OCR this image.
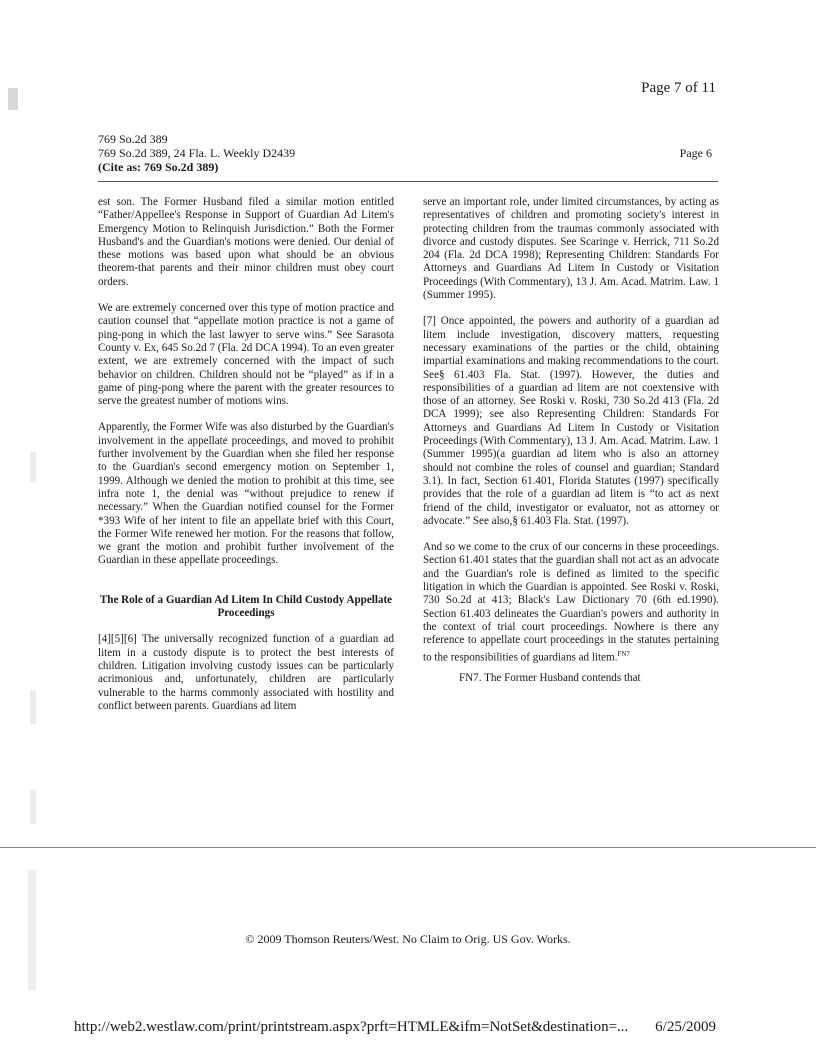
Page 7 of 11
769 So.2d 389
769 So.2d 389, 24 Fla. L. Weekly D2439
(Cite as: 769 So.2d 389)
Page 6

est son. The Former Husband filed a similar motion entitled “Father/Appellee's Response in Support of Guardian Ad Litem's Emergency Motion to Relinquish Jurisdiction.” Both the Former Husband's and the Guardian's motions were denied. Our denial of these motions was based upon what should be an obvious theorem-that parents and their minor children must obey court orders.

We are extremely concerned over this type of motion practice and caution counsel that “appellate motion practice is not a game of ping-pong in which the last lawyer to serve wins.” See Sarasota County v. Ex, 645 So.2d 7 (Fla. 2d DCA 1994). To an even greater extent, we are extremely concerned with the impact of such behavior on children. Children should not be “played” as if in a game of ping-pong where the parent with the greater resources to serve the greatest number of motions wins.

Apparently, the Former Wife was also disturbed by the Guardian's involvement in the appellate proceedings, and moved to prohibit further involvement by the Guardian when she filed her response to the Guardian's second emergency motion on September 1, 1999. Although we denied the motion to prohibit at this time, see infra note 1, the denial was “without prejudice to renew if necessary.” When the Guardian notified counsel for the Former *393 Wife of her intent to file an appellate brief with this Court, the Former Wife renewed her motion. For the reasons that follow, we grant the motion and prohibit further involvement of the Guardian in these appellate proceedings.

The Role of a Guardian Ad Litem In Child Custody Appellate Proceedings

[4][5][6] The universally recognized function of a guardian ad litem in a custody dispute is to protect the best interests of children. Litigation involving custody issues can be particularly acrimonious and, unfortunately, children are particularly vulnerable to the harms commonly associated with hostility and conflict between parents. Guardians ad litem

serve an important role, under limited circumstances, by acting as representatives of children and promoting society's interest in protecting children from the traumas commonly associated with divorce and custody disputes. See Scaringe v. Herrick, 711 So.2d 204 (Fla. 2d DCA 1998); Representing Children: Standards For Attorneys and Guardians Ad Litem In Custody or Visitation Proceedings (With Commentary), 13 J. Am. Acad. Matrim. Law. 1 (Summer 1995).

[7] Once appointed, the powers and authority of a guardian ad litem include investigation, discovery matters, requesting necessary examinations of the parties or the child, obtaining impartial examinations and making recommendations to the court. See§ 61.403 Fla. Stat. (1997). However, the duties and responsibilities of a guardian ad litem are not coextensive with those of an attorney. See Roski v. Roski, 730 So.2d 413 (Fla. 2d DCA 1999); see also Representing Children: Standards For Attorneys and Guardians Ad Litem In Custody or Visitation Proceedings (With Commentary), 13 J. Am. Acad. Matrim. Law. 1 (Summer 1995)(a guardian ad litem who is also an attorney should not combine the roles of counsel and guardian; Standard 3.1). In fact, Section 61.401, Florida Statutes (1997) specifically provides that the role of a guardian ad litem is “to act as next friend of the child, investigator or evaluator, not as attorney or advocate.” See also,§ 61.403 Fla. Stat. (1997).

And so we come to the crux of our concerns in these proceedings. Section 61.401 states that the guardian shall not act as an advocate and the Guardian's role is defined as limited to the specific litigation in which the Guardian is appointed. See Roski v. Roski, 730 So.2d at 413; Black's Law Dictionary 70 (6th ed.1990). Section 61.403 delineates the Guardian's powers and authority in the context of trial court proceedings. Nowhere is there any reference to appellate court proceedings in the statutes pertaining to the responsibilities of guardians ad litem.$^{FN7}$

FN7. The Former Husband contends that
© 2009 Thomson Reuters/West. No Claim to Orig. US Gov. Works.
http://web2.westlaw.com/print/printstream.aspx?prft=HTMLE&ifm=NotSet&destination=... 6/25/2009
